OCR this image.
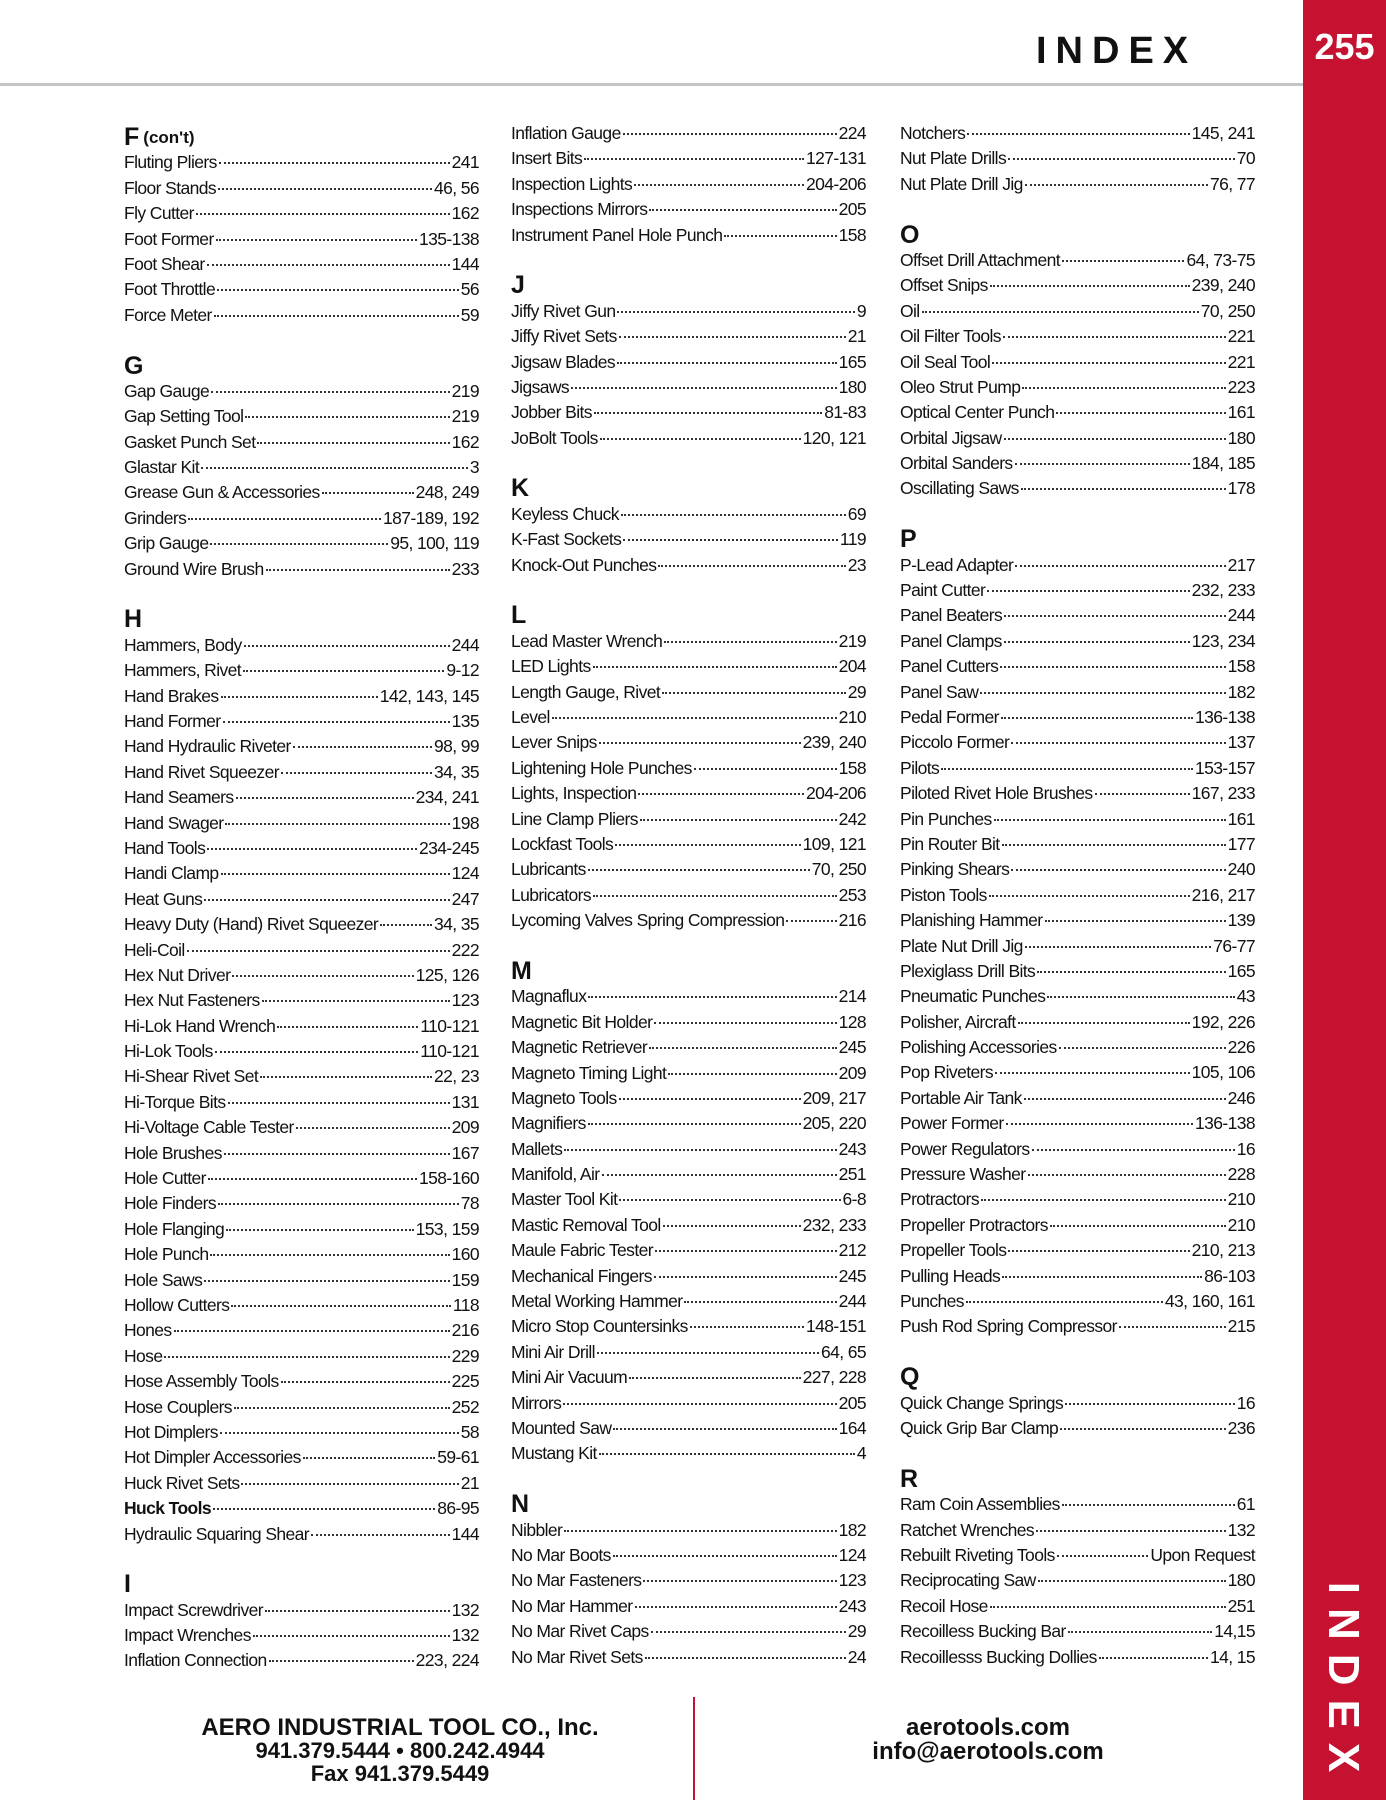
255
INDEX
INDEX
F (con't)
Fluting Pliers	241
Floor Stands	46, 56
Fly Cutter	162
Foot Former	135-138
Foot Shear	144
Foot Throttle	56
Force Meter	59
G
Gap Gauge	219
Gap Setting Tool	219
Gasket Punch Set	162
Glastar Kit	3
Grease Gun & Accessories	248, 249
Grinders	187-189, 192
Grip Gauge	95, 100, 119
Ground Wire Brush	233
H
Hammers, Body	244
Hammers, Rivet	9-12
Hand Brakes	142, 143, 145
Hand Former	135
Hand Hydraulic Riveter	98, 99
Hand Rivet Squeezer	34, 35
Hand Seamers	234, 241
Hand Swager	198
Hand Tools	234-245
Handi Clamp	124
Heat Guns	247
Heavy Duty (Hand) Rivet Squeezer	34, 35
Heli-Coil	222
Hex Nut Driver	125, 126
Hex Nut Fasteners	123
Hi-Lok Hand Wrench	110-121
Hi-Lok Tools	110-121
Hi-Shear Rivet Set	22, 23
Hi-Torque Bits	131
Hi-Voltage Cable Tester	209
Hole Brushes	167
Hole Cutter	158-160
Hole Finders	78
Hole Flanging	153, 159
Hole Punch	160
Hole Saws	159
Hollow Cutters	118
Hones	216
Hose	229
Hose Assembly Tools	225
Hose Couplers	252
Hot Dimplers	58
Hot Dimpler Accessories	59-61
Huck Rivet Sets	21
Huck Tools	86-95
Hydraulic Squaring Shear	144
I
Impact Screwdriver	132
Impact Wrenches	132
Inflation Connection	223, 224
Inflation Gauge	224
Insert Bits	127-131
Inspection Lights	204-206
Inspections Mirrors	205
Instrument Panel Hole Punch	158
J
Jiffy Rivet Gun	9
Jiffy Rivet Sets	21
Jigsaw Blades	165
Jigsaws	180
Jobber Bits	81-83
JoBolt Tools	120, 121
K
Keyless Chuck	69
K-Fast Sockets	119
Knock-Out Punches	23
L
Lead Master Wrench	219
LED Lights	204
Length Gauge, Rivet	29
Level	210
Lever Snips	239, 240
Lightening Hole Punches	158
Lights, Inspection	204-206
Line Clamp Pliers	242
Lockfast Tools	109, 121
Lubricants	70, 250
Lubricators	253
Lycoming Valves Spring Compression	216
M
Magnaflux	214
Magnetic Bit Holder	128
Magnetic Retriever	245
Magneto Timing Light	209
Magneto Tools	209, 217
Magnifiers	205, 220
Mallets	243
Manifold, Air	251
Master Tool Kit	6-8
Mastic Removal Tool	232, 233
Maule Fabric Tester	212
Mechanical Fingers	245
Metal Working Hammer	244
Micro Stop Countersinks	148-151
Mini Air Drill	64, 65
Mini Air Vacuum	227, 228
Mirrors	205
Mounted Saw	164
Mustang Kit	4
N
Nibbler	182
No Mar Boots	124
No Mar Fasteners	123
No Mar Hammer	243
No Mar Rivet Caps	29
No Mar Rivet Sets	24
Notchers	145, 241
Nut Plate Drills	70
Nut Plate Drill Jig	76, 77
O
Offset Drill Attachment	64, 73-75
Offset Snips	239, 240
Oil	70, 250
Oil Filter Tools	221
Oil Seal Tool	221
Oleo Strut Pump	223
Optical Center Punch	161
Orbital Jigsaw	180
Orbital Sanders	184, 185
Oscillating Saws	178
P
P-Lead Adapter	217
Paint Cutter	232, 233
Panel Beaters	244
Panel Clamps	123, 234
Panel Cutters	158
Panel Saw	182
Pedal Former	136-138
Piccolo Former	137
Pilots	153-157
Piloted Rivet Hole Brushes	167, 233
Pin Punches	161
Pin Router Bit	177
Pinking Shears	240
Piston Tools	216, 217
Planishing Hammer	139
Plate Nut Drill Jig	76-77
Plexiglass Drill Bits	165
Pneumatic Punches	43
Polisher, Aircraft	192, 226
Polishing Accessories	226
Pop Riveters	105, 106
Portable Air Tank	246
Power Former	136-138
Power Regulators	16
Pressure Washer	228
Protractors	210
Propeller Protractors	210
Propeller Tools	210, 213
Pulling Heads	86-103
Punches	43, 160, 161
Push Rod Spring Compressor	215
Q
Quick Change Springs	16
Quick Grip Bar Clamp	236
R
Ram Coin Assemblies	61
Ratchet Wrenches	132
Rebuilt Riveting Tools	Upon Request
Reciprocating Saw	180
Recoil Hose	251
Recoilless Bucking Bar	14,15
Recoillesss Bucking Dollies	14, 15
AERO INDUSTRIAL TOOL CO., Inc.
941.379.5444 • 800.242.4944
Fax 941.379.5449
aerotools.com
info@aerotools.com
